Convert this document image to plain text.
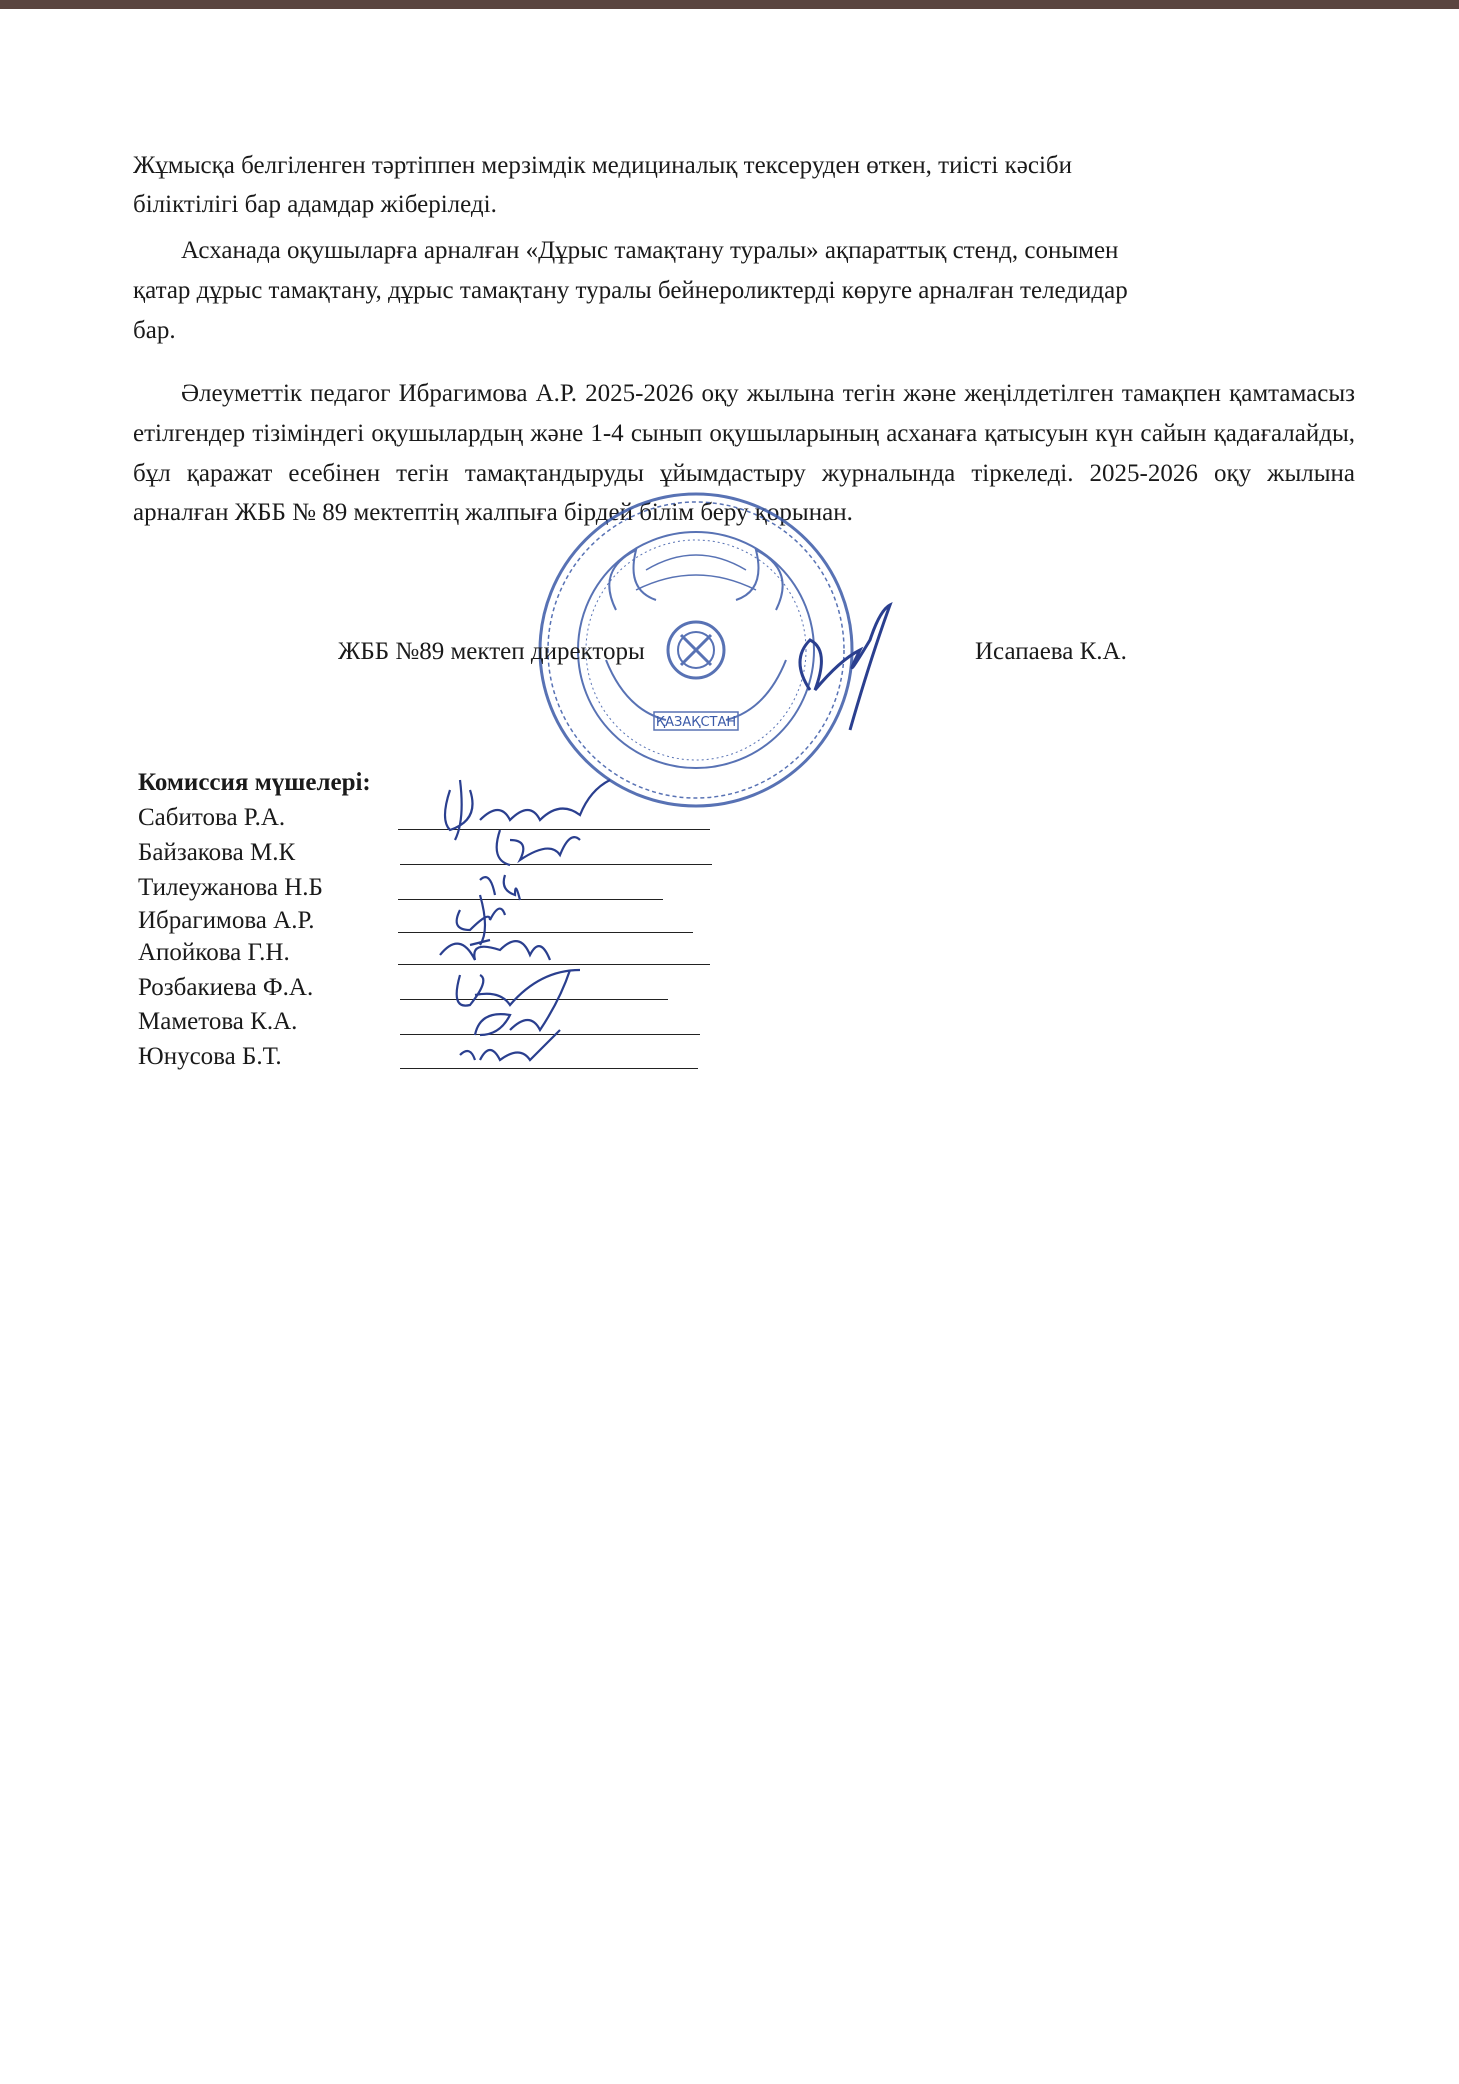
Жұмысқа белгіленген тәртіппен мерзімдік медициналық тексеруден өткен, тиісті кәсіби
біліктілігі бар адамдар жіберіледі.
Асханада оқушыларға арналған «Дұрыс тамақтану туралы» ақпараттық стенд, сонымен
қатар дұрыс тамақтану, дұрыс тамақтану туралы бейнероликтерді көруге арналған теледидар
бар.
Әлеуметтік педагог Ибрагимова А.Р. 2025-2026 оқу жылына тегін және жеңілдетілген тамақпен қамтамасыз етілгендер тізіміндегі оқушылардың және 1-4 сынып оқушыларының асханаға қатысуын күн сайын қадағалайды, бұл қаражат есебінен тегін тамақтандыруды ұйымдастыру журналында тіркеледі. 2025-2026 оқу жылына арналған ЖББ № 89 мектептің жалпыға бірдей білім беру қорынан.
ҚАЗАҚСТАН
ЖББ №89 мектеп директоры	Исапаева К.А.
Комиссия мүшелері:
Сабитова Р.А.
Байзакова М.К
Тилеужанова Н.Б
Ибрагимова А.Р.
Апойкова Г.Н.
Розбакиева Ф.А.
Маметова К.А.
Юнусова Б.Т.
